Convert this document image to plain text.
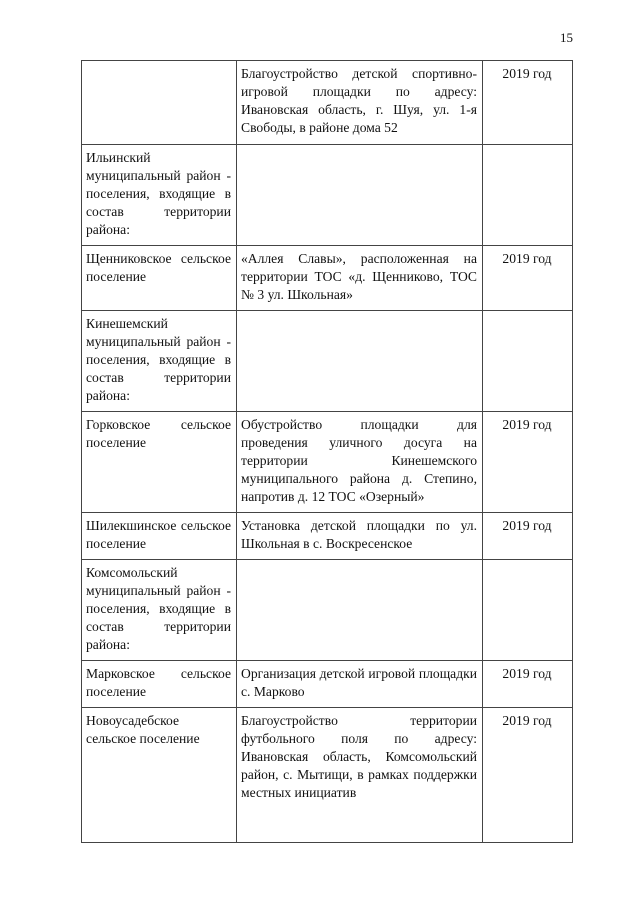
15
	Благоустройство детской спортивно-игровой площадки по адресу: Ивановская область, г. Шуя, ул. 1-я Свободы, в районе дома 52	2019 год
Ильинский муниципальный район - поселения, входящие в состав территории района:		
Щенниковское сельское поселение	«Аллея Славы», расположенная на территории ТОС «д. Щенниково, ТОС № 3 ул. Школьная»	2019 год
Кинешемский муниципальный район - поселения, входящие в состав территории района:		
Горковское сельское поселение	Обустройство площадки для проведения уличного досуга на территории Кинешемского муниципального района д. Степино, напротив д. 12 ТОС «Озерный»	2019 год
Шилекшинское сельское поселение	Установка детской площадки по ул. Школьная в с. Воскресенское	2019 год
Комсомольский муниципальный район - поселения, входящие в состав территории района:		
Марковское сельское поселение	Организация детской игровой площадки с. Марково	2019 год
Новоусадебское сельское поселение	Благоустройство территории футбольного поля по адресу: Ивановская область, Комсомольский район, с. Мытищи, в рамках поддержки местных инициатив	2019 год
